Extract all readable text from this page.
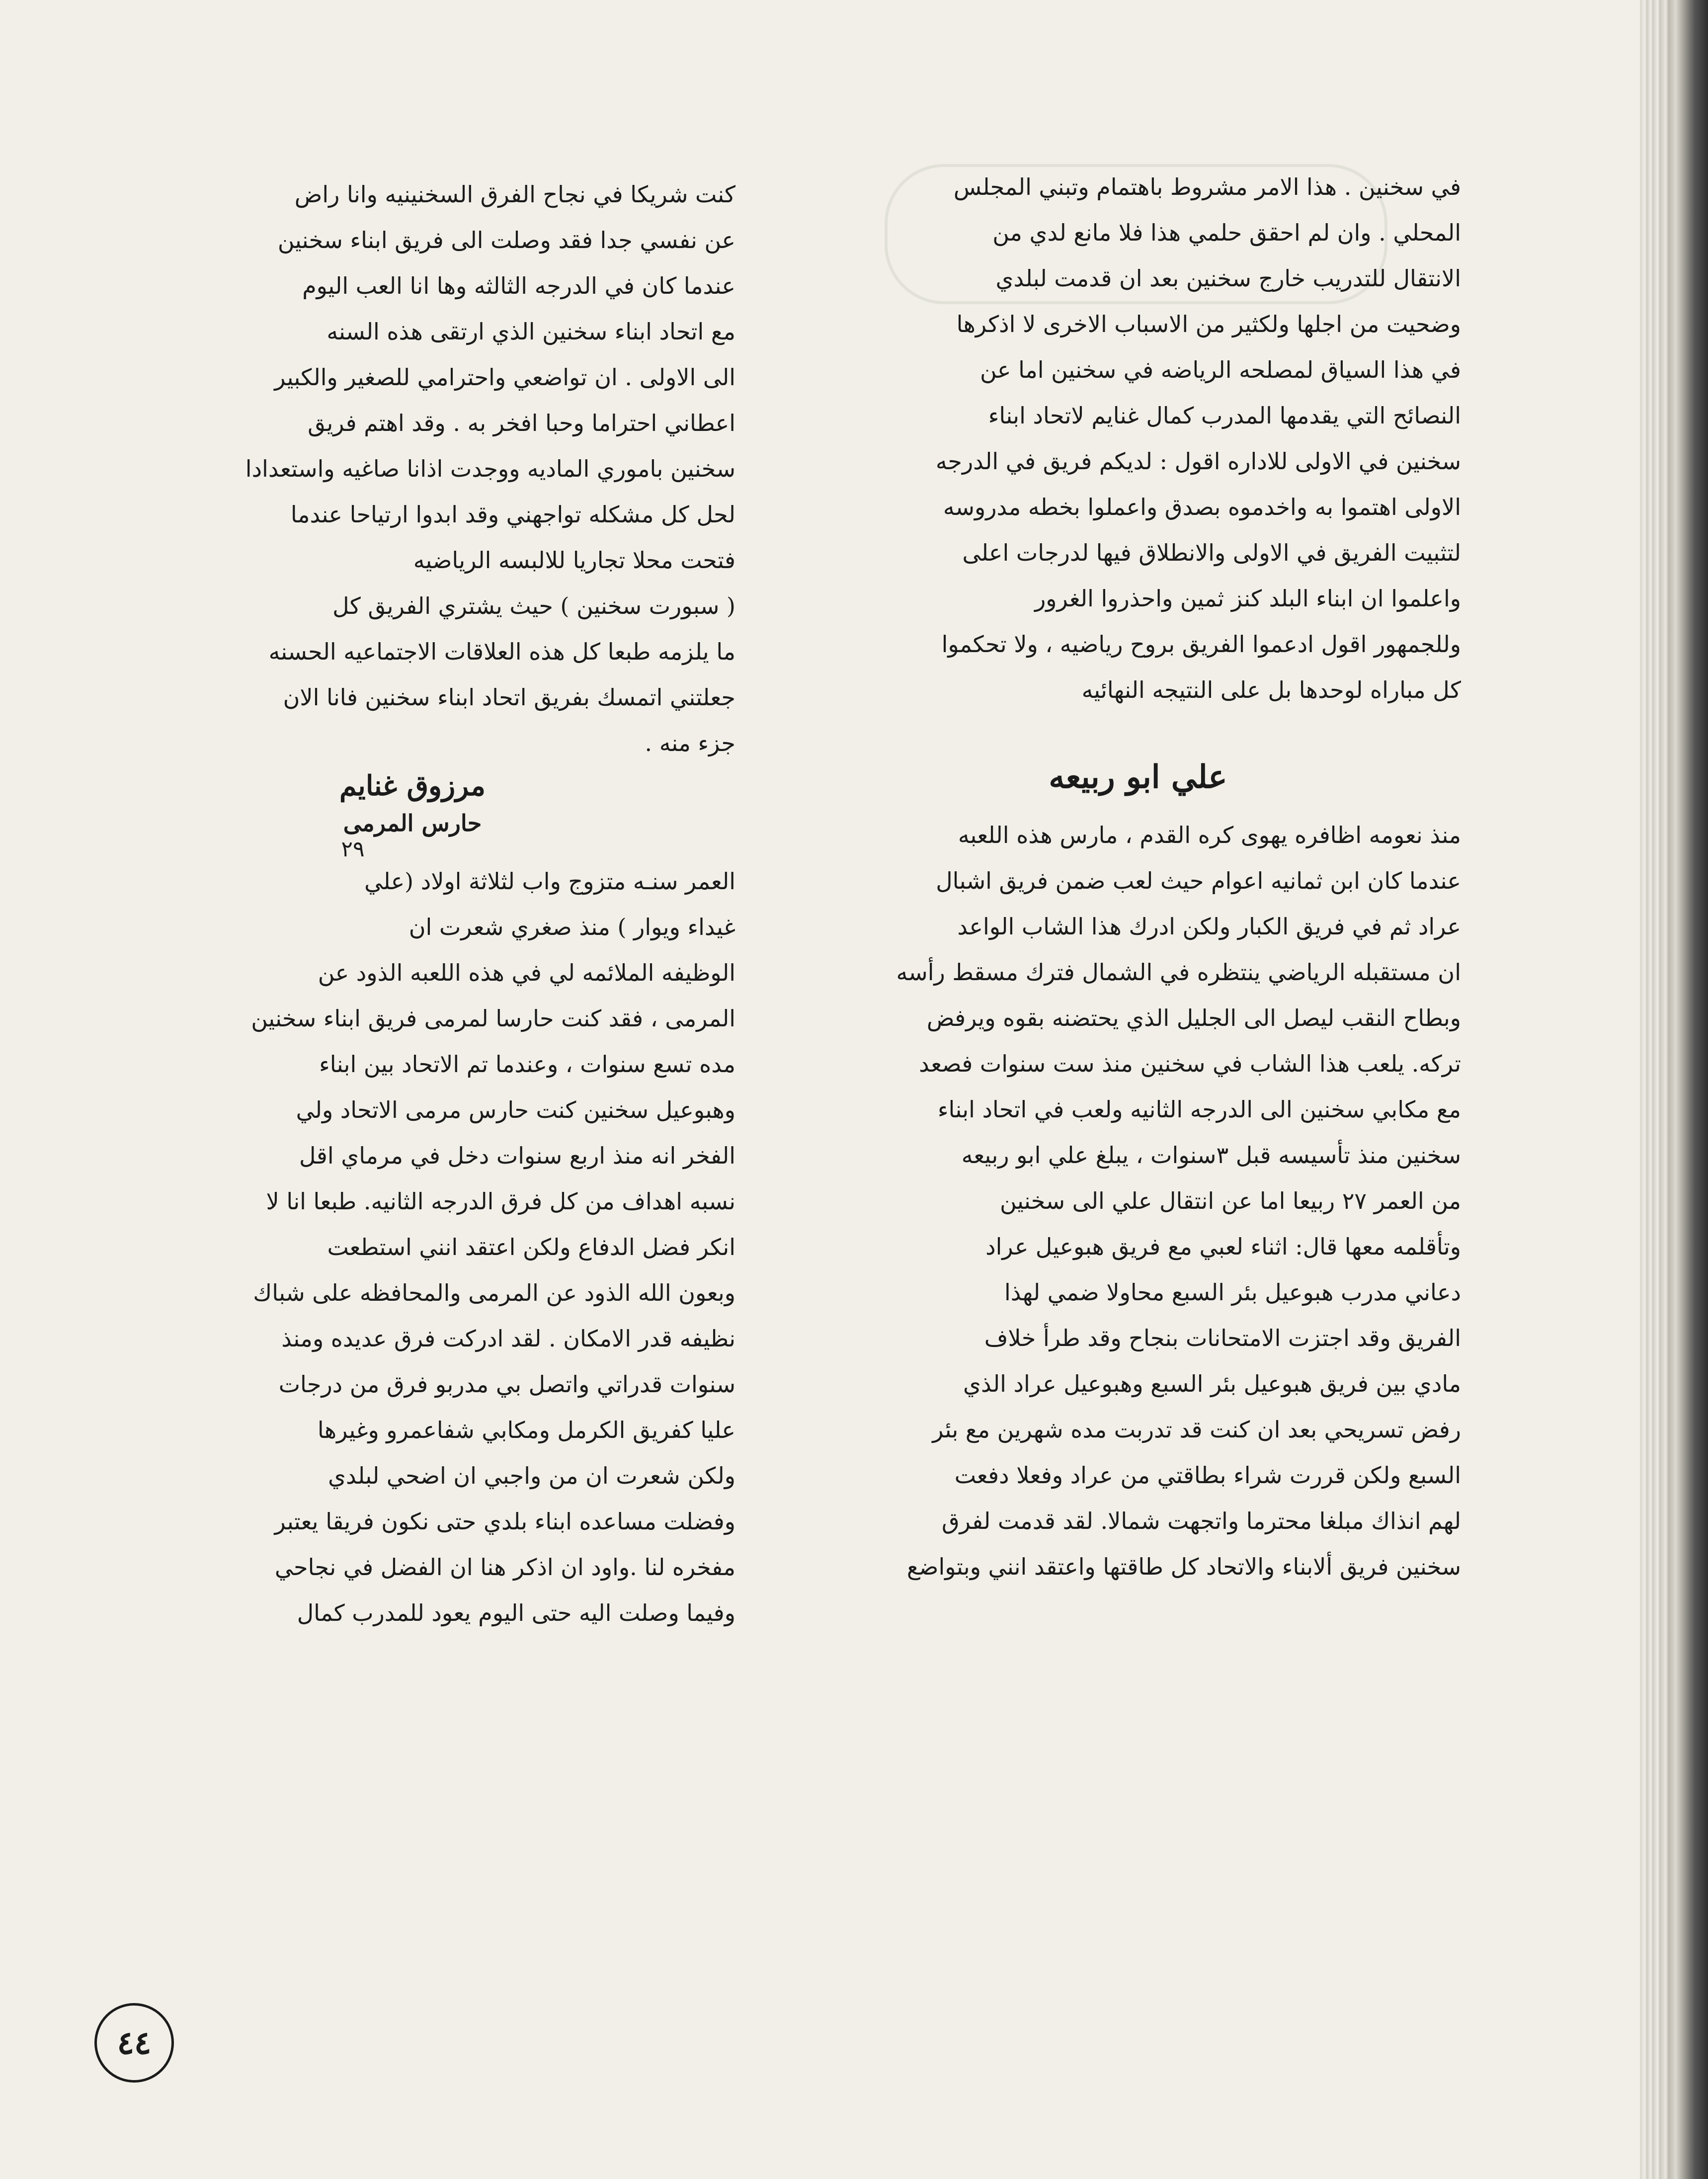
في سخنين . هذا الامر مشروط باهتمام وتبني المجلس
المحلي . وان لم احقق حلمي هذا فلا مانع لدي من
الانتقال للتدريب خارج سخنين بعد ان قدمت لبلدي
وضحيت من اجلها ولكثير من الاسباب الاخرى لا اذكرها
في هذا السياق لمصلحه الرياضه في سخنين اما عن
النصائح التي يقدمها المدرب كمال غنايم لاتحاد ابناء
سخنين في الاولى للاداره اقول : لديكم فريق في الدرجه
الاولى اهتموا به واخدموه بصدق واعملوا بخطه مدروسه
لتثبيت الفريق في الاولى والانطلاق فيها لدرجات اعلى
واعلموا ان ابناء البلد كنز ثمين واحذروا الغرور
وللجمهور اقول ادعموا الفريق بروح رياضيه ، ولا تحكموا
كل مباراه لوحدها بل على النتيجه النهائيه
علي ابو ربيعه
منذ نعومه اظافره يهوى كره القدم ، مارس هذه اللعبه
عندما كان ابن ثمانيه اعوام حيث لعب ضمن فريق اشبال
عراد ثم في فريق الكبار ولكن ادرك هذا الشاب الواعد
ان مستقبله الرياضي ينتظره في الشمال فترك مسقط رأسه
وبطاح النقب ليصل الى الجليل الذي يحتضنه بقوه ويرفض
تركه. يلعب هذا الشاب في سخنين منذ ست سنوات فصعد
مع مكابي سخنين الى الدرجه الثانيه ولعب في اتحاد ابناء
سخنين منذ تأسيسه قبل ٣سنوات ، يبلغ علي ابو ربيعه
من العمر ٢٧ ربيعا اما عن انتقال علي الى سخنين
وتأقلمه معها قال: اثناء لعبي مع فريق هبوعيل عراد
دعاني مدرب هبوعيل بئر السبع محاولا ضمي لهذا
الفريق وقد اجتزت الامتحانات بنجاح وقد طرأ خلاف
مادي بين فريق هبوعيل بئر السبع وهبوعيل عراد الذي
رفض تسريحي بعد ان كنت قد تدربت مده شهرين مع بئر
السبع ولكن قررت شراء بطاقتي من عراد وفعلا دفعت
لهم انذاك مبلغا محترما واتجهت شمالا. لقد قدمت لفرق
سخنين فريق ألابناء والاتحاد كل طاقتها واعتقد انني وبتواضع
كنت شريكا في نجاح الفرق السخنينيه وانا راض
عن نفسي جدا فقد وصلت الى فريق ابناء سخنين
عندما كان في الدرجه الثالثه وها انا العب اليوم
مع اتحاد ابناء سخنين الذي ارتقى هذه السنه
الى الاولى . ان تواضعي واحترامي للصغير والكبير
اعطاني احتراما وحبا افخر به . وقد اهتم فريق
سخنين باموري الماديه ووجدت اذانا صاغيه واستعدادا
لحل كل مشكله تواجهني وقد ابدوا ارتياحا عندما
فتحت محلا تجاريا للالبسه الرياضيه
( سبورت سخنين ) حيث يشتري الفريق كل
ما يلزمه طبعا كل هذه العلاقات الاجتماعيه الحسنه
جعلتني اتمسك بفريق اتحاد ابناء سخنين فانا الان
جزء منه .
مرزوق غنايم
حارس المرمى
٢٩
العمر سنـه متزوج واب لثلاثة اولاد (علي
غيداء ويوار ) منذ صغري شعرت ان
الوظيفه الملائمه لي في هذه اللعبه الذود عن
المرمى ، فقد كنت حارسا لمرمى فريق ابناء سخنين
مده تسع سنوات ، وعندما تم الاتحاد بين ابناء
وهبوعيل سخنين كنت حارس مرمى الاتحاد ولي
الفخر انه منذ اربع سنوات دخل في مرماي اقل
نسبه اهداف من كل فرق الدرجه الثانيه. طبعا انا لا
انكر فضل الدفاع ولكن اعتقد انني استطعت
وبعون الله الذود عن المرمى والمحافظه على شباك
نظيفه قدر الامكان . لقد ادركت فرق عديده ومنذ
سنوات قدراتي واتصل بي مدربو فرق من درجات
عليا كفريق الكرمل ومكابي شفاعمرو وغيرها
ولكن شعرت ان من واجبي ان اضحي لبلدي
وفضلت مساعده ابناء بلدي حتى نكون فريقا يعتبر
مفخره لنا .واود ان اذكر هنا ان الفضل في نجاحي
وفيما وصلت اليه حتى اليوم يعود للمدرب كمال
٤٤
